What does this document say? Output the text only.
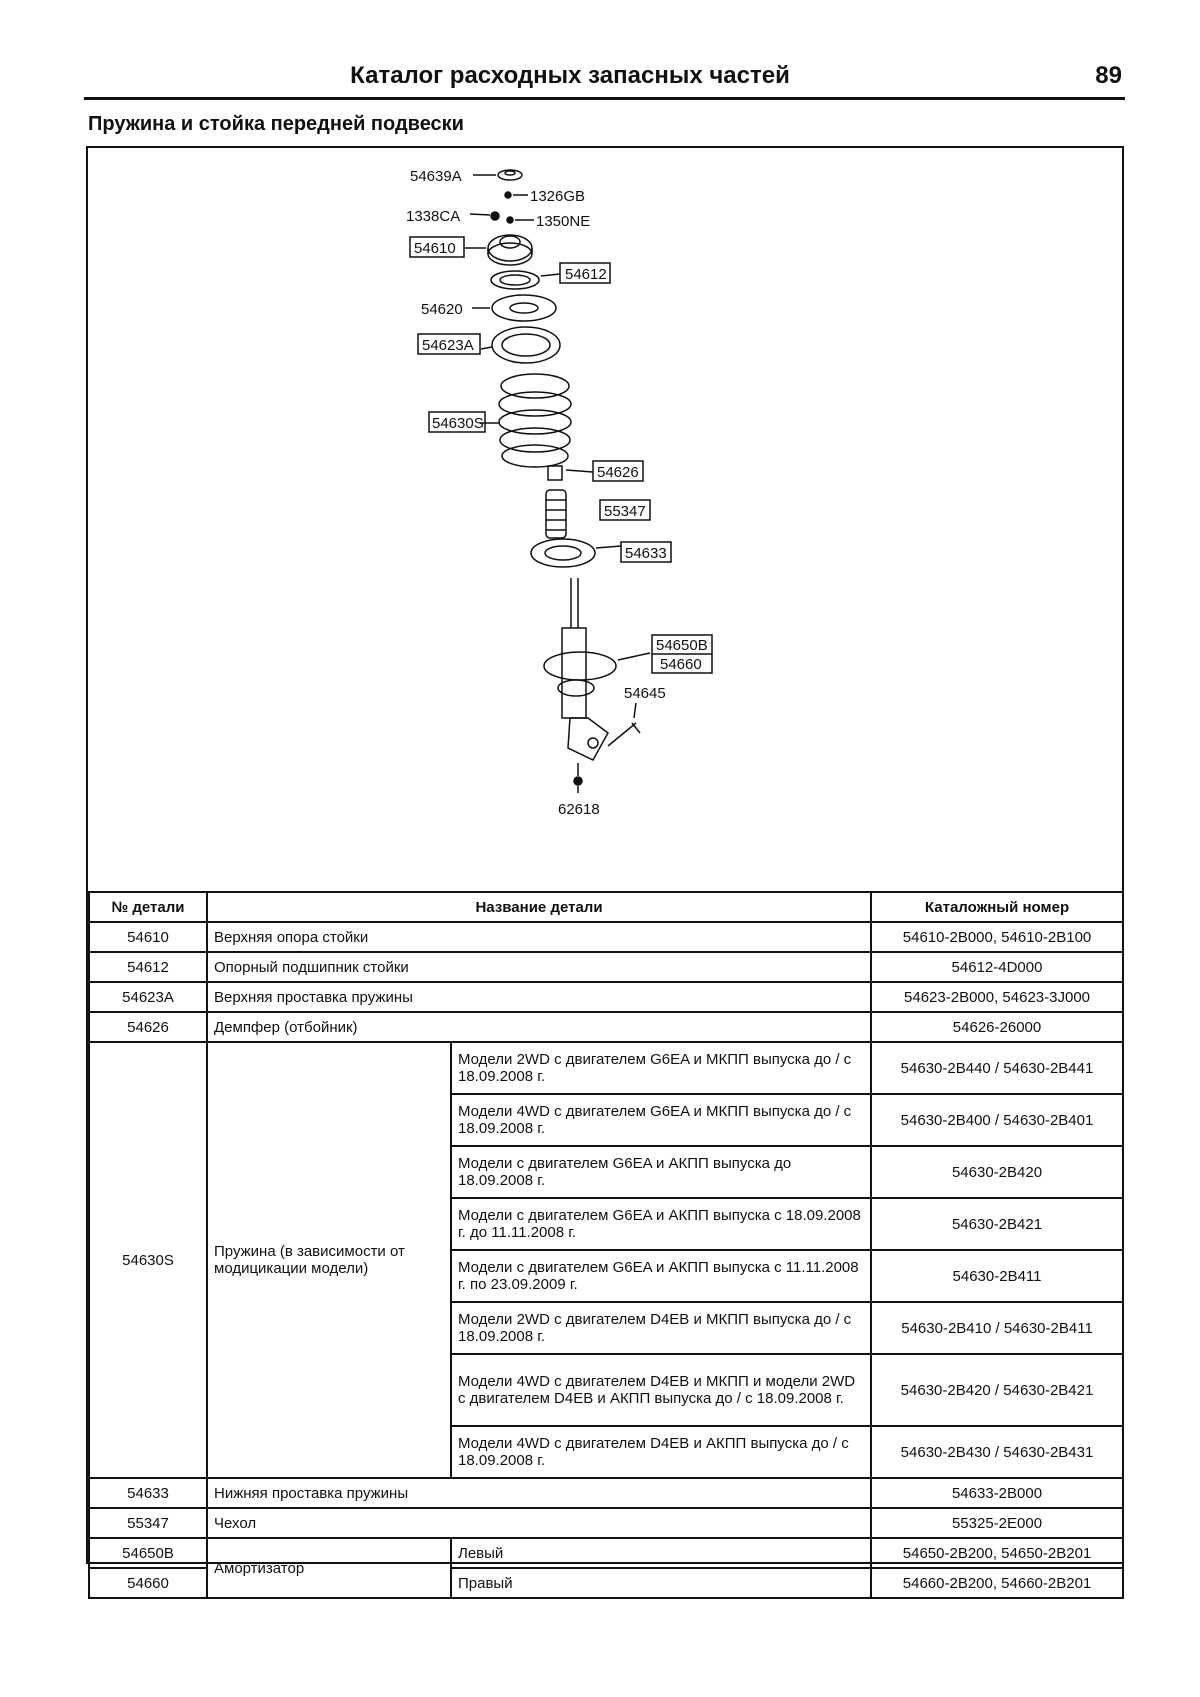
Каталог расходных запасных частей	89
Пружина и стойка передней подвески
54639A
1326GB
1338CA	1350NE
54610
54612
54620
54623A
54630S
54626
55347
54633
54650B
54660
54645
62618
№ детали	Название детали		Каталожный номер
54610	Верхняя опора стойки		54610-2B000, 54610-2B100
54612	Опорный подшипник стойки		54612-4D000
54623A	Верхняя проставка пружины		54623-2B000, 54623-3J000
54626	Демпфер (отбойник)		54626-26000
54630S	Пружина (в зависимости от модицикации модели)	Модели 2WD с двигателем G6EA и МКПП выпуска до / с 18.09.2008 г.	54630-2B440 / 54630-2B441
		Модели 4WD с двигателем G6EA и МКПП выпуска до / с 18.09.2008 г.	54630-2B400 / 54630-2B401
		Модели с двигателем G6EA и АКПП выпуска до 18.09.2008 г.	54630-2B420
		Модели с двигателем G6EA и АКПП выпуска с 18.09.2008 г. до 11.11.2008 г.	54630-2B421
		Модели с двигателем G6EA и АКПП выпуска с 11.11.2008 г. по 23.09.2009 г.	54630-2B411
		Модели 2WD с двигателем D4EB и МКПП выпуска до / с 18.09.2008 г.	54630-2B410 / 54630-2B411
		Модели 4WD с двигателем D4EB и МКПП и модели 2WD с двигателем D4EB и АКПП выпуска до / с 18.09.2008 г.	54630-2B420 / 54630-2B421
		Модели 4WD с двигателем D4EB и АКПП выпуска до / с 18.09.2008 г.	54630-2B430 / 54630-2B431
54633	Нижняя проставка пружины		54633-2B000
55347	Чехол		55325-2E000
54650B	Амортизатор	Левый	54650-2B200, 54650-2B201
54660		Правый	54660-2B200, 54660-2B201
